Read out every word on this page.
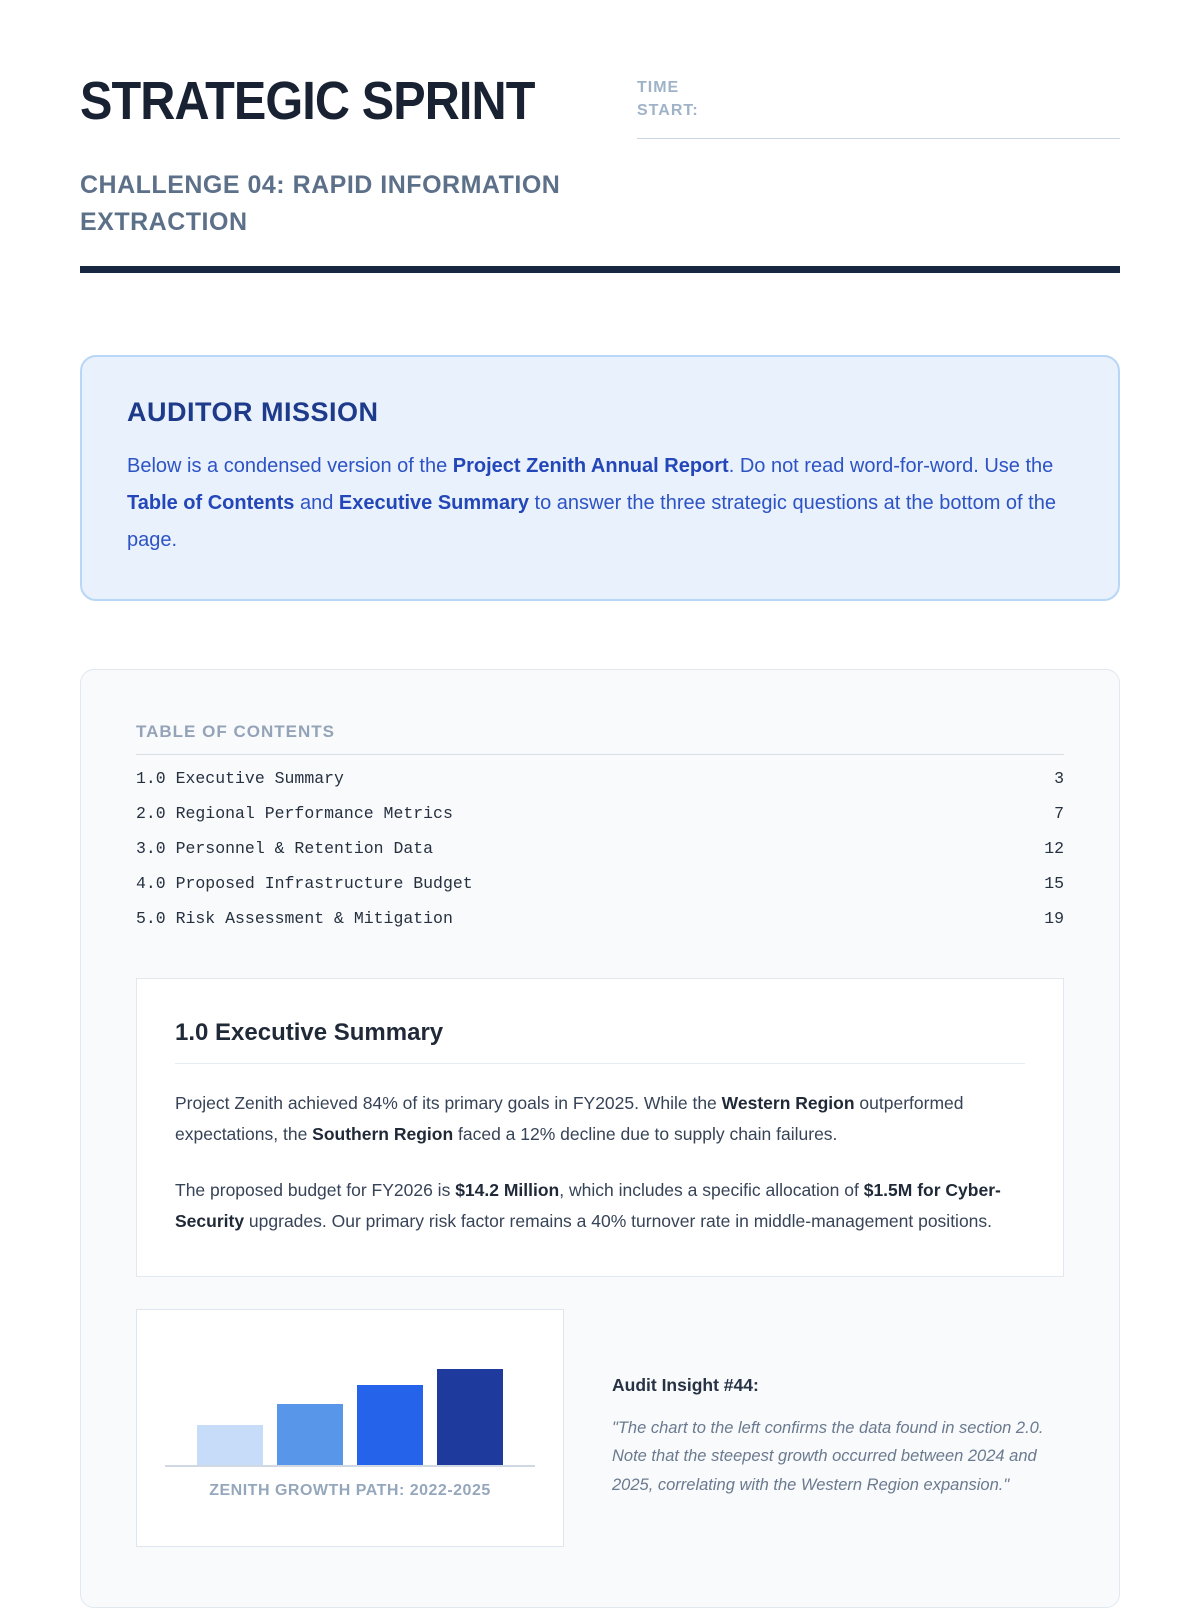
STRATEGIC SPRINT	TIME
START:
CHALLENGE 04: RAPID INFORMATION EXTRACTION
AUDITOR MISSION

Below is a condensed version of the Project Zenith Annual Report. Do not read word-for-word. Use the Table of Contents and Executive Summary to answer the three strategic questions at the bottom of the page.

TABLE OF CONTENTS
1.0 Executive Summary	3
2.0 Regional Performance Metrics	7
3.0 Personnel & Retention Data	12
4.0 Proposed Infrastructure Budget	15
5.0 Risk Assessment & Mitigation	19
1.0 Executive Summary

Project Zenith achieved 84% of its primary goals in FY2025. While the Western Region outperformed expectations, the Southern Region faced a 12% decline due to supply chain failures.

The proposed budget for FY2026 is $14.2 Million, which includes a specific allocation of $1.5M for Cyber-Security upgrades. Our primary risk factor remains a 40% turnover rate in middle-management positions.

ZENITH GROWTH PATH: 2022-2025
Audit Insight #44:

"The chart to the left confirms the data found in section 2.0. Note that the steepest growth occurred between 2024 and 2025, correlating with the Western Region expansion."
